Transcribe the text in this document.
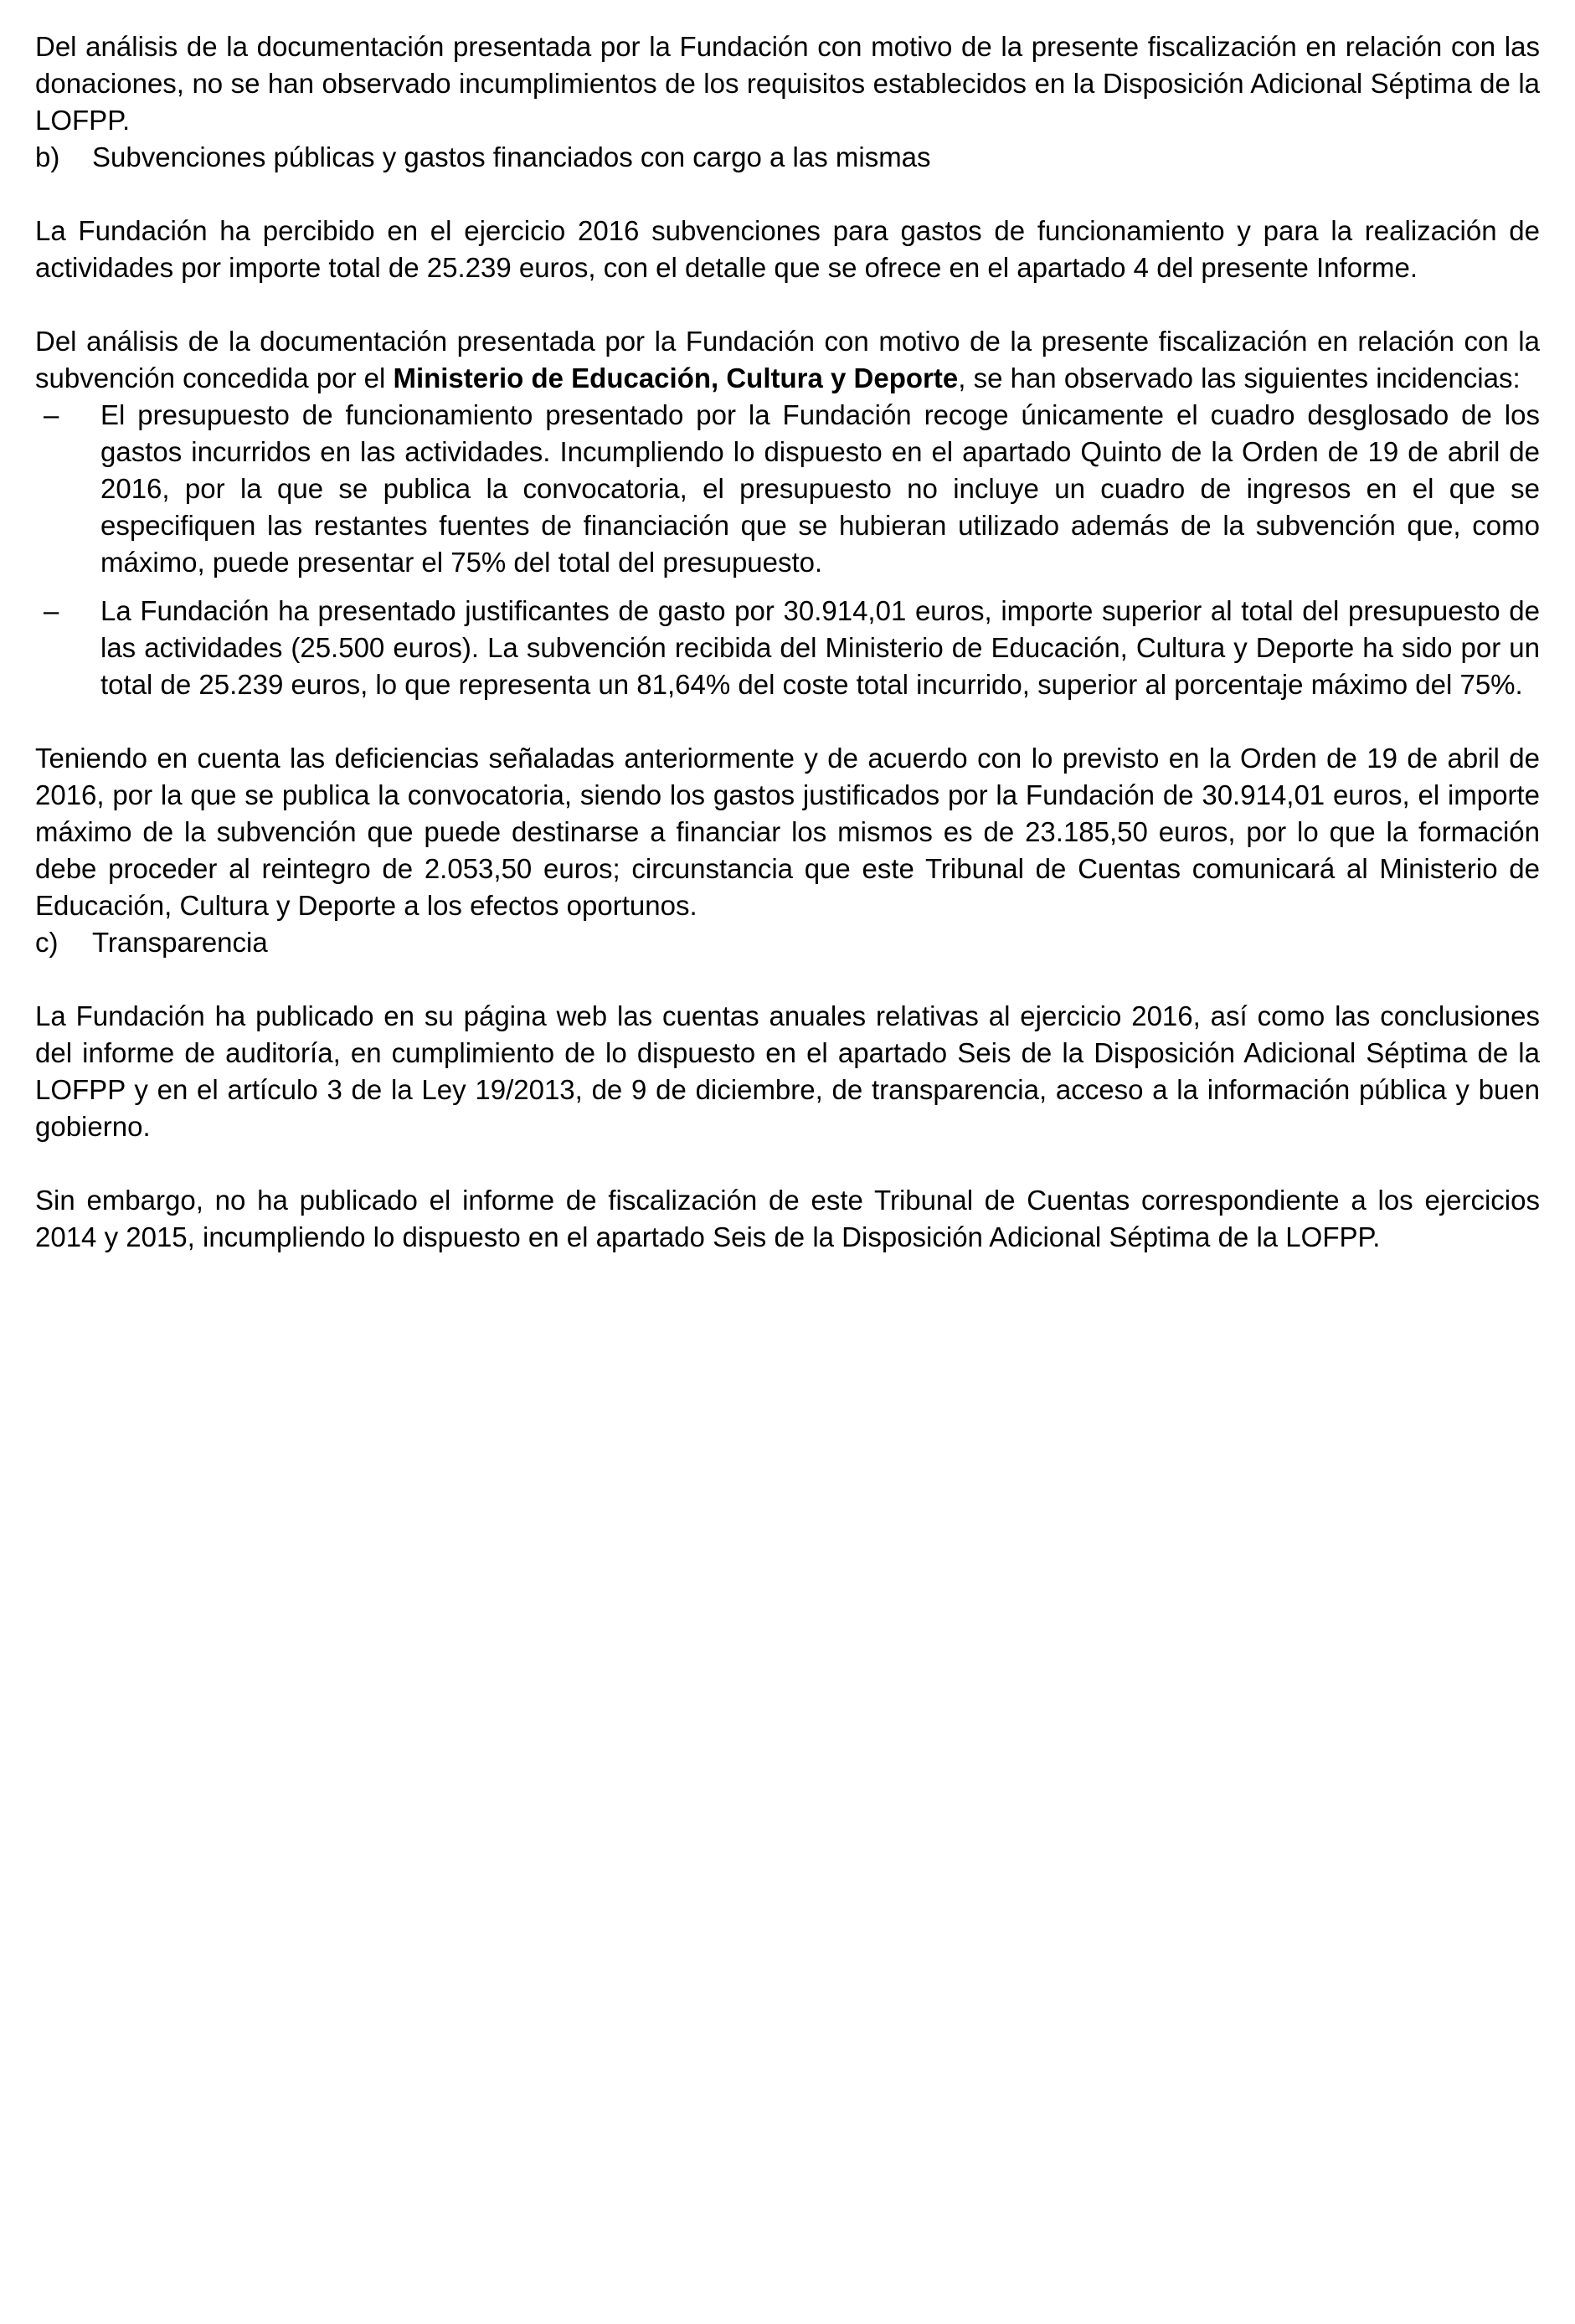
Del análisis de la documentación presentada por la Fundación con motivo de la presente fiscalización en relación con las donaciones, no se han observado incumplimientos de los requisitos establecidos en la Disposición Adicional Séptima de la LOFPP.

b)	Subvenciones públicas y gastos financiados con cargo a las mismas

La Fundación ha percibido en el ejercicio 2016 subvenciones para gastos de funcionamiento y para la realización de actividades por importe total de 25.239 euros, con el detalle que se ofrece en el apartado 4 del presente Informe.

Del análisis de la documentación presentada por la Fundación con motivo de la presente fiscalización en relación con la subvención concedida por el Ministerio de Educación, Cultura y Deporte, se han observado las siguientes incidencias:

–	El presupuesto de funcionamiento presentado por la Fundación recoge únicamente el cuadro desglosado de los gastos incurridos en las actividades. Incumpliendo lo dispuesto en el apartado Quinto de la Orden de 19 de abril de 2016, por la que se publica la convocatoria, el presupuesto no incluye un cuadro de ingresos en el que se especifiquen las restantes fuentes de financiación que se hubieran utilizado además de la subvención que, como máximo, puede presentar el 75% del total del presupuesto.
–	La Fundación ha presentado justificantes de gasto por 30.914,01 euros, importe superior al total del presupuesto de las actividades (25.500 euros). La subvención recibida del Ministerio de Educación, Cultura y Deporte ha sido por un total de 25.239 euros, lo que representa un 81,64% del coste total incurrido, superior al porcentaje máximo del 75%.

Teniendo en cuenta las deficiencias señaladas anteriormente y de acuerdo con lo previsto en la Orden de 19 de abril de 2016, por la que se publica la convocatoria, siendo los gastos justificados por la Fundación de 30.914,01 euros, el importe máximo de la subvención que puede destinarse a financiar los mismos es de 23.185,50 euros, por lo que la formación debe proceder al reintegro de 2.053,50 euros; circunstancia que este Tribunal de Cuentas comunicará al Ministerio de Educación, Cultura y Deporte a los efectos oportunos.

c)	Transparencia

La Fundación ha publicado en su página web las cuentas anuales relativas al ejercicio 2016, así como las conclusiones del informe de auditoría, en cumplimiento de lo dispuesto en el apartado Seis de la Disposición Adicional Séptima de la LOFPP y en el artículo 3 de la Ley 19/2013, de 9 de diciembre, de transparencia, acceso a la información pública y buen gobierno.

Sin embargo, no ha publicado el informe de fiscalización de este Tribunal de Cuentas correspondiente a los ejercicios 2014 y 2015, incumpliendo lo dispuesto en el apartado Seis de la Disposición Adicional Séptima de la LOFPP.
